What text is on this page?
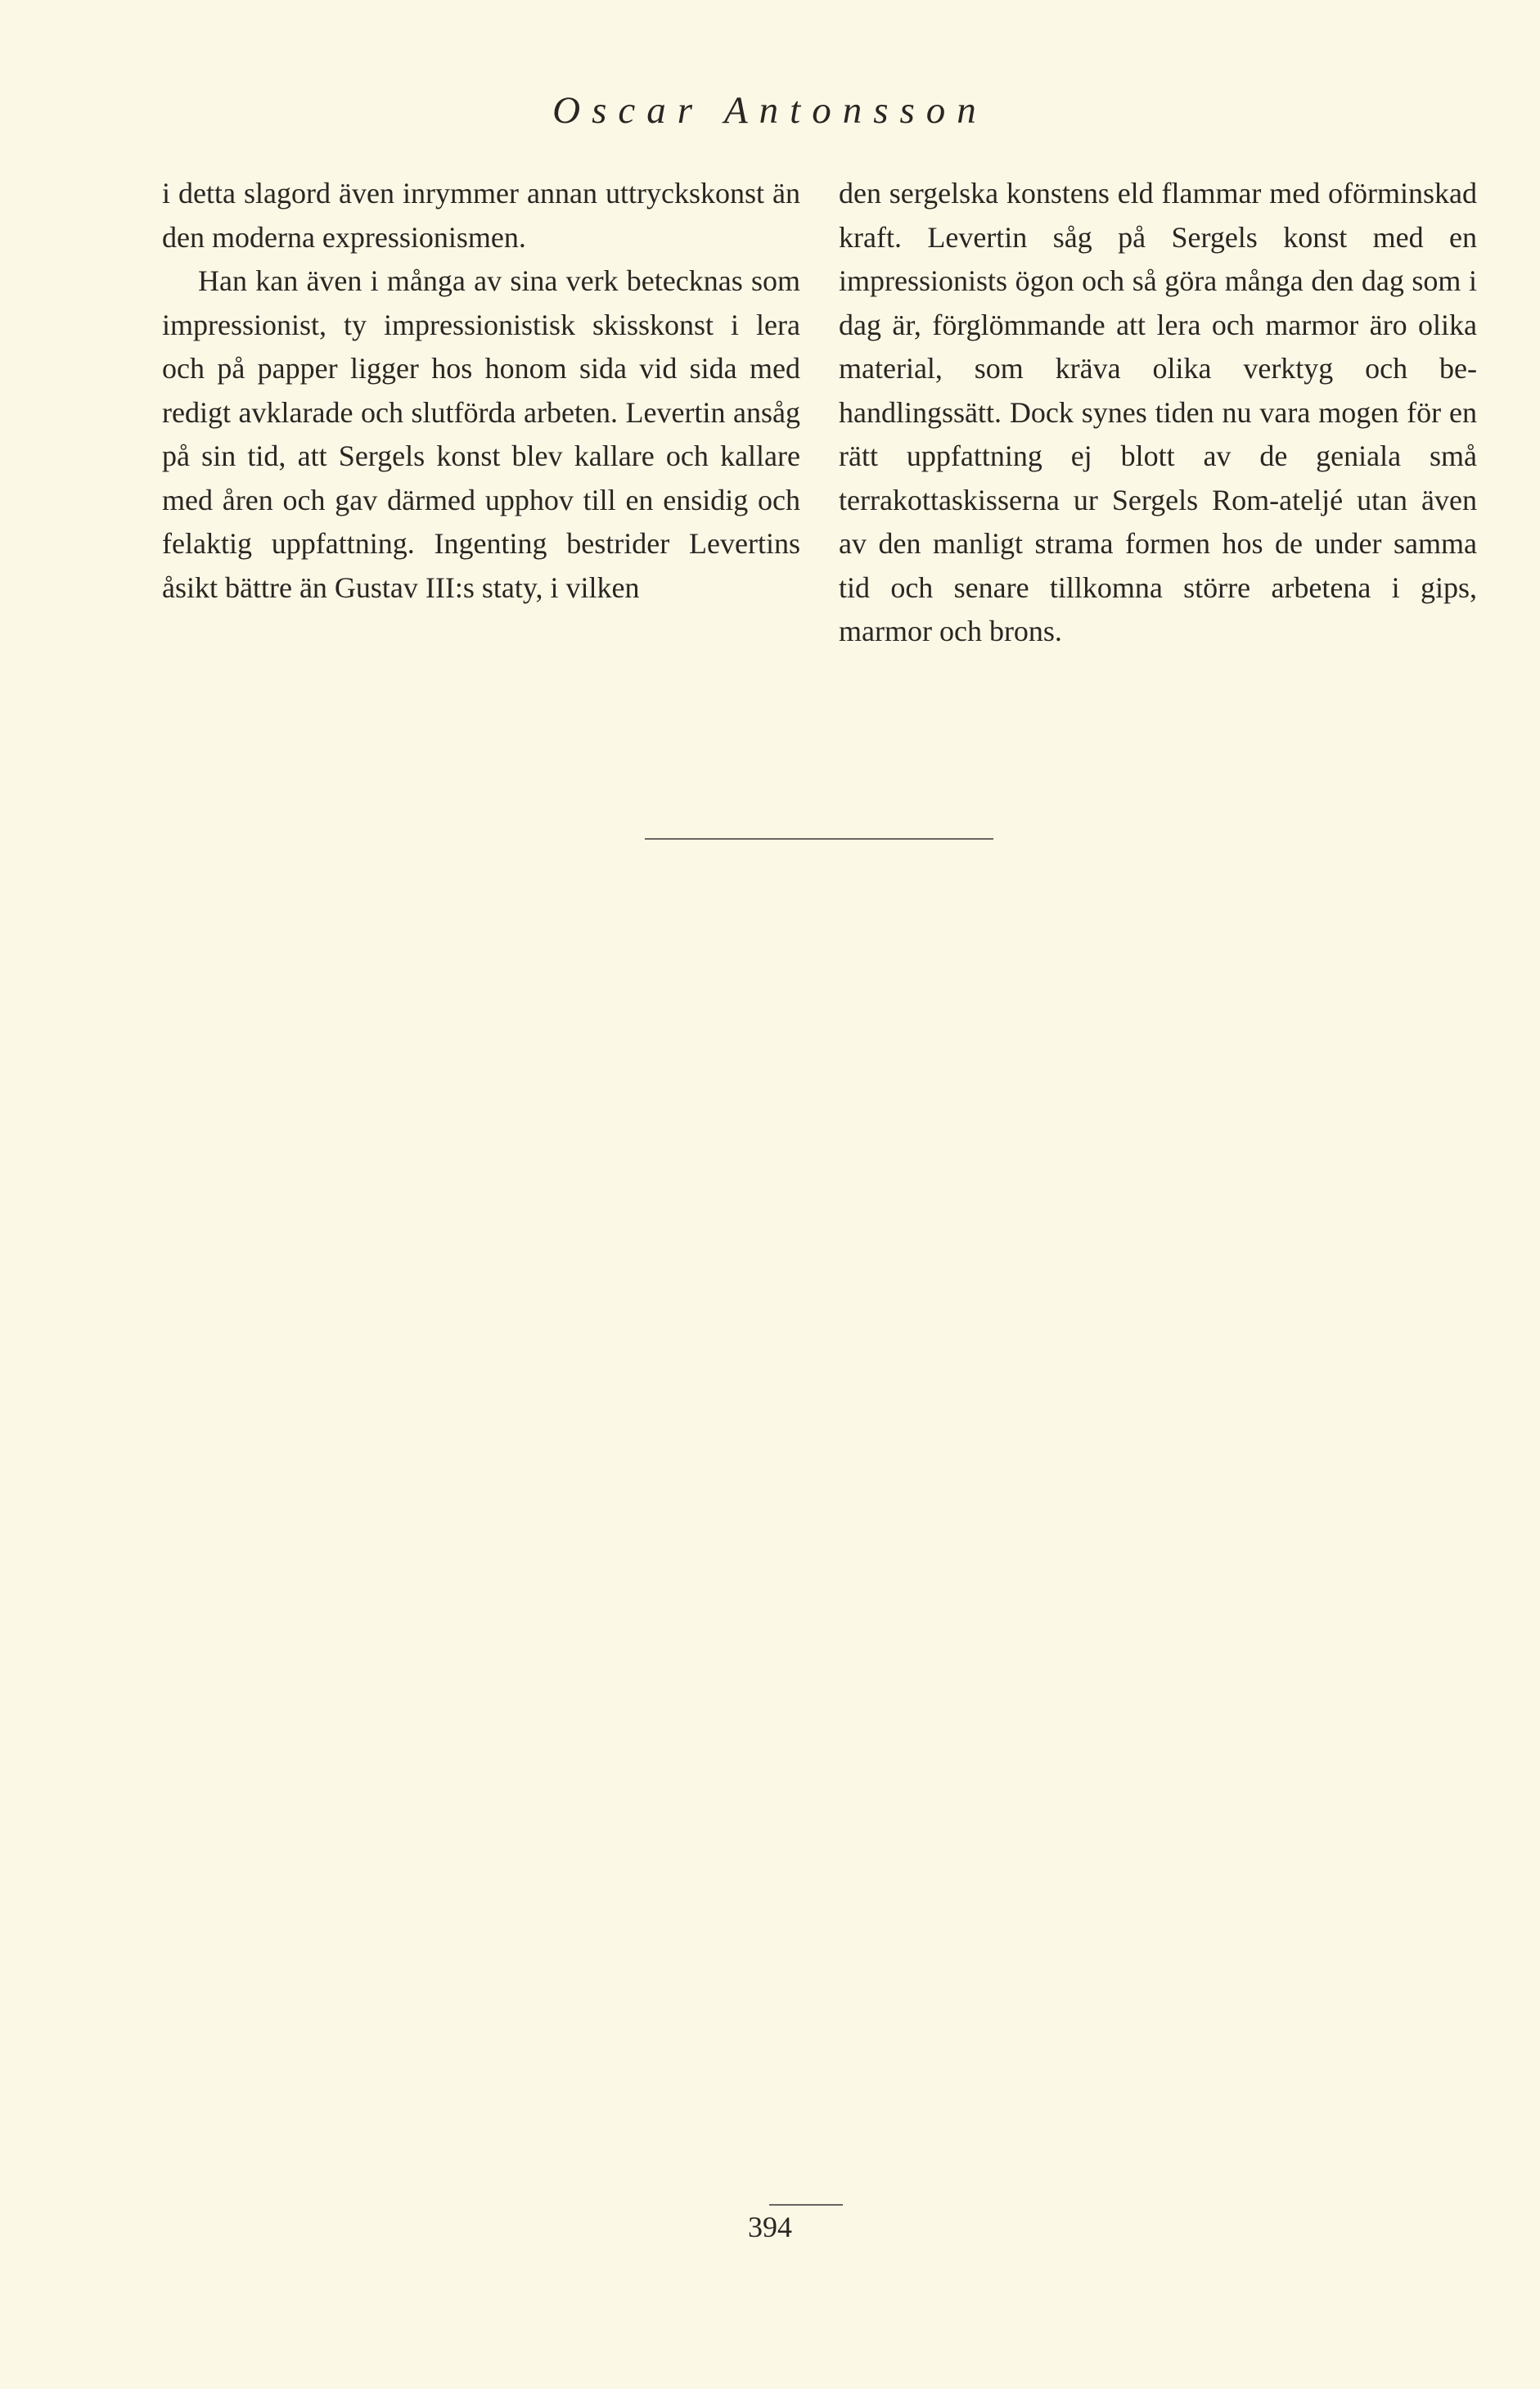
Oscar Antonsson

i detta slagord även inrymmer annan uttryckskonst än den moderna expressionismen.

Han kan även i många av sina verk betecknas som impressionist, ty impressionistisk skisskonst i lera och på papper ligger hos honom sida vid sida med redigt avklarade och slutförda arbeten. Levertin ansåg på sin tid, att Sergels konst blev kallare och kallare med åren och gav därmed upphov till en ensidig och felaktig uppfattning. Ingenting bestrider Levertins åsikt bättre än Gustav III:s staty, i vilken

den sergelska konstens eld flammar med oförminskad kraft. Levertin såg på Sergels konst med en impressionists ögon och så göra många den dag som i dag är, förglömmande att lera och marmor äro olika material, som kräva olika verktyg och behandlingssätt. Dock synes tiden nu vara mogen för en rätt uppfattning ej blott av de geniala små terrakottaskisserna ur Sergels Rom-ateljé utan även av den manligt strama formen hos de under samma tid och senare tillkomna större arbetena i gips, marmor och brons.

394
